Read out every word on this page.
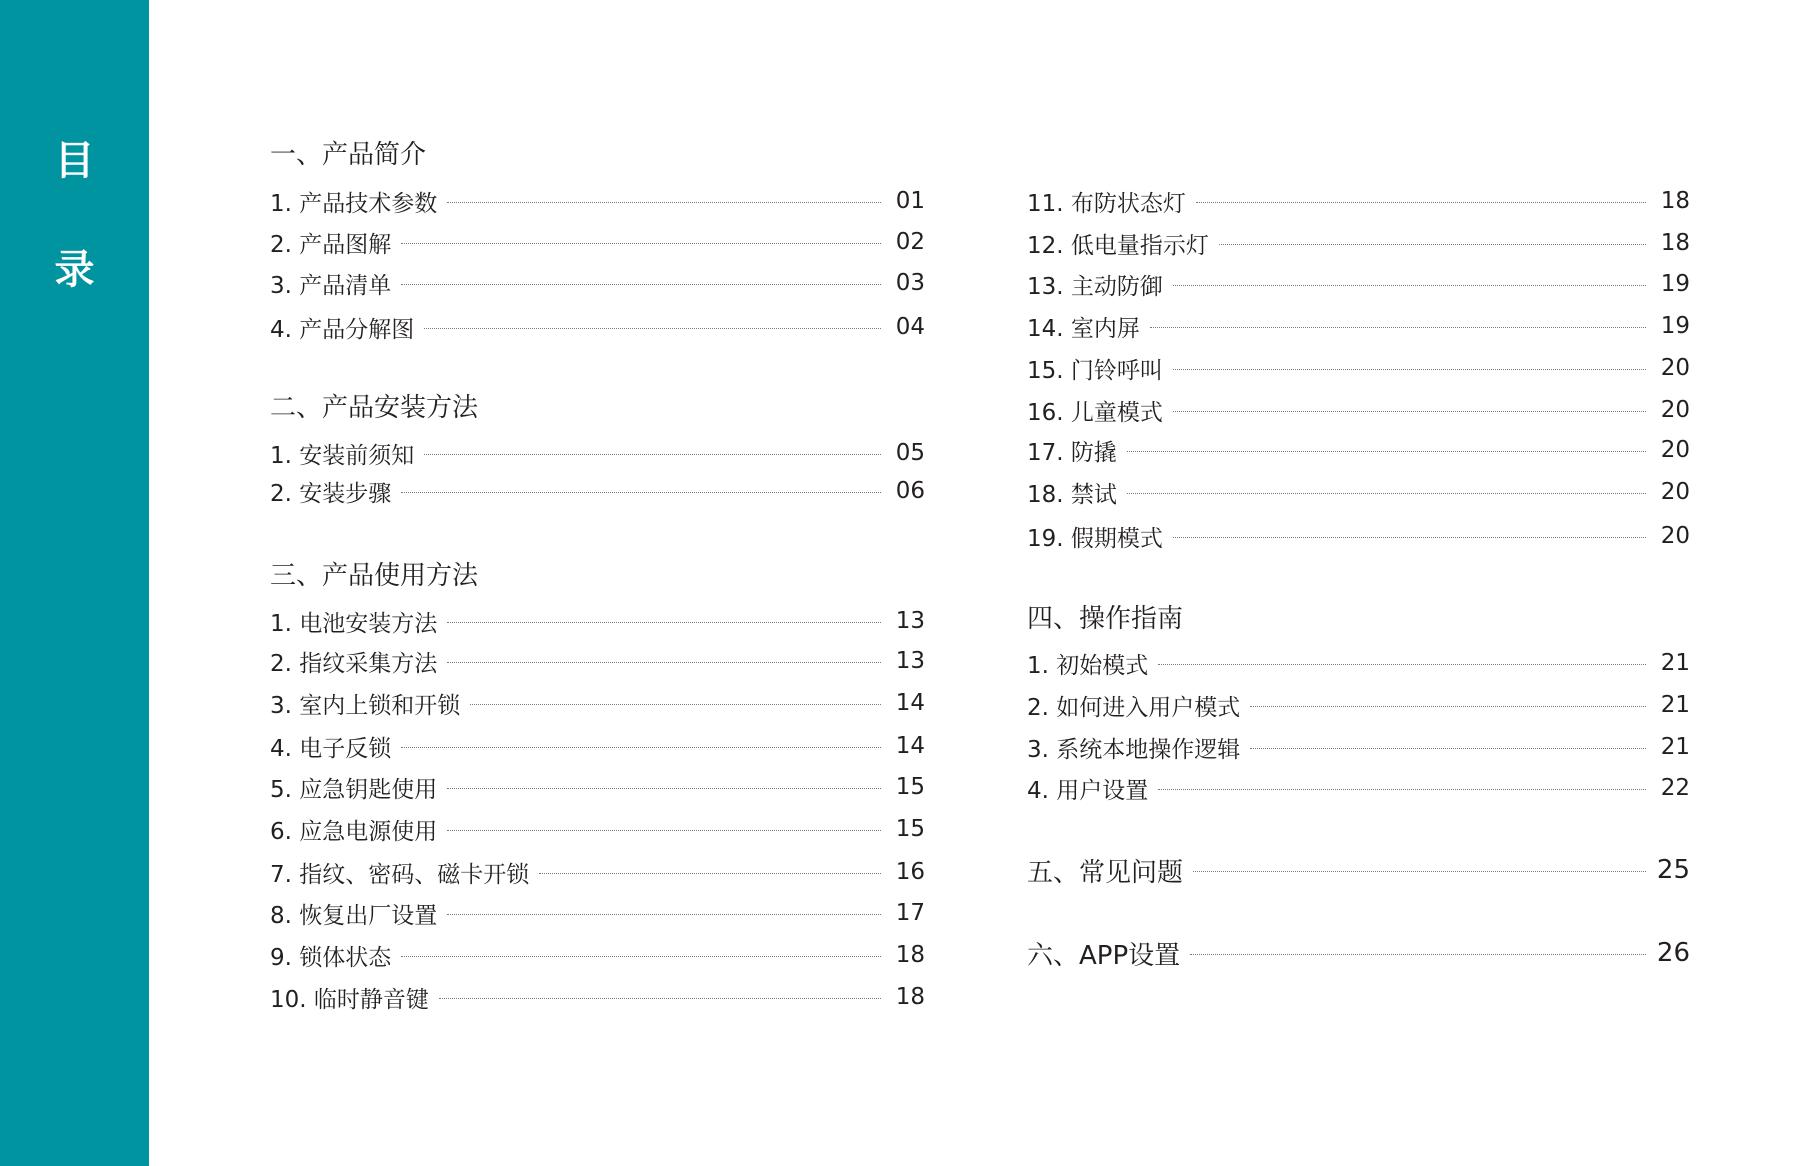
目
录
一、产品简介
1. 产品技术参数	01
2. 产品图解	02
3. 产品清单	03
4. 产品分解图	04
二、产品安装方法
1. 安装前须知	05
2. 安装步骤	06
三、产品使用方法
1. 电池安装方法	13
2. 指纹采集方法	13
3. 室内上锁和开锁	14
4. 电子反锁	14
5. 应急钥匙使用	15
6. 应急电源使用	15
7. 指纹、密码、磁卡开锁	16
8. 恢复出厂设置	17
9. 锁体状态	18
10. 临时静音键	18
11. 布防状态灯	18
12. 低电量指示灯	18
13. 主动防御	19
14. 室内屏	19
15. 门铃呼叫	20
16. 儿童模式	20
17. 防撬	20
18. 禁试	20
19. 假期模式	20
四、操作指南
1. 初始模式	21
2. 如何进入用户模式	21
3. 系统本地操作逻辑	21
4. 用户设置	22
五、常见问题	25
六、APP设置	26
